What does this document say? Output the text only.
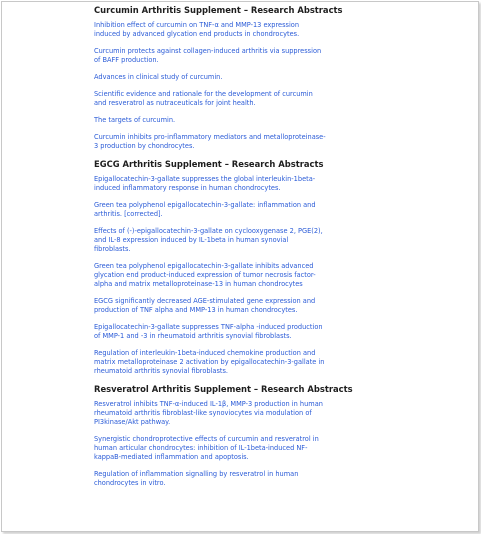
Curcumin Arthritis Supplement – Research Abstracts
Inhibition effect of curcumin on TNF-α and MMP-13 expression induced by advanced glycation end products in chondrocytes.
Curcumin protects against collagen-induced arthritis via suppression of BAFF production.
Advances in clinical study of curcumin.
Scientific evidence and rationale for the development of curcumin and resveratrol as nutraceuticals for joint health.
The targets of curcumin.
Curcumin inhibits pro-inflammatory mediators and metalloproteinase-3 production by chondrocytes.
EGCG Arthritis Supplement – Research Abstracts
Epigallocatechin-3-gallate suppresses the global interleukin-1beta-induced inflammatory response in human chondrocytes.
Green tea polyphenol epigallocatechin-3-gallate: inflammation and arthritis. [corrected].
Effects of (-)-epigallocatechin-3-gallate on cyclooxygenase 2, PGE(2), and IL-8 expression induced by IL-1beta in human synovial fibroblasts.
Green tea polyphenol epigallocatechin-3-gallate inhibits advanced glycation end product-induced expression of tumor necrosis factor-alpha and matrix metalloproteinase-13 in human chondrocytes
EGCG significantly decreased AGE-stimulated gene expression and production of TNF alpha and MMP-13 in human chondrocytes.
Epigallocatechin-3-gallate suppresses TNF-alpha -induced production of MMP-1 and -3 in rheumatoid arthritis synovial fibroblasts.
Regulation of interleukin-1beta-induced chemokine production and matrix metalloproteinase 2 activation by epigallocatechin-3-gallate in rheumatoid arthritis synovial fibroblasts.
Resveratrol Arthritis Supplement – Research Abstracts
Resveratrol inhibits TNF-α-induced IL-1β, MMP-3 production in human rheumatoid arthritis fibroblast-like synoviocytes via modulation of PI3kinase/Akt pathway.
Synergistic chondroprotective effects of curcumin and resveratrol in human articular chondrocytes: inhibition of IL-1beta-induced NF-kappaB-mediated inflammation and apoptosis.
Regulation of inflammation signalling by resveratrol in human chondrocytes in vitro.
